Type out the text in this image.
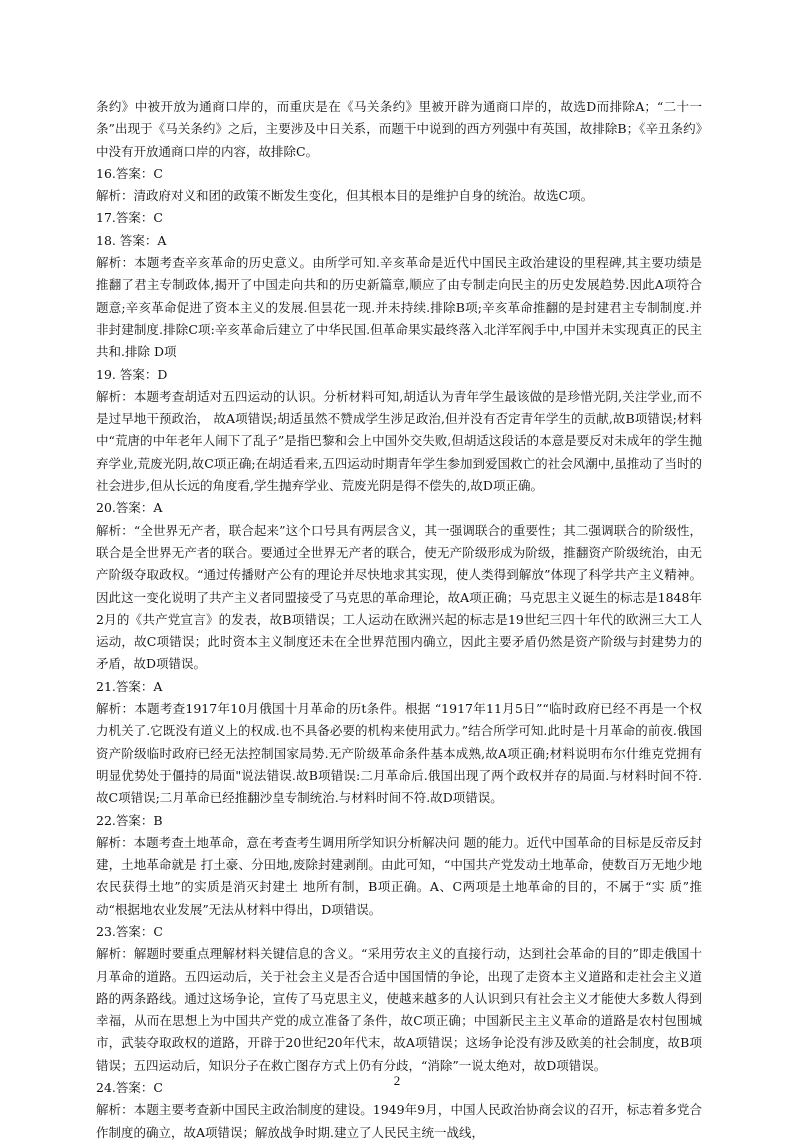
条约》中被开放为通商口岸的，而重庆是在《马关条约》里被开辟为通商口岸的，故选D而排除A；“二十一条”出现于《马关条约》之后，主要涉及中日关系，而题干中说到的西方列强中有英国，故排除B；《辛丑条约》中没有开放通商口岸的内容，故排除C。

16.答案：C

解析：清政府对义和团的政策不断发生变化，但其根本目的是维护自身的统治。故选C项。

17.答案：C

18. 答案：A

解析：本题考查辛亥革命的历史意义。由所学可知.辛亥革命是近代中国民主政治建设的里程碑,其主要功绩是推翻了君主专制政体,揭开了中国走向共和的历史新篇章,顺应了由专制走向民主的历史发展趋势.因此A项符合题意;辛亥革命促进了资本主义的发展.但昙花一现.并未持续.排除B项;辛亥革命推翻的是封建君主专制制度.并非封建制度.排除C项:辛亥革命后建立了中华民国.但革命果实最终落入北洋军阀手中,中国并未实现真正的民主共和.排除 D项

19. 答案：D

解析：本题考查胡适对五四运动的认识。分析材料可知,胡适认为青年学生最该做的是珍惜光阴,关注学业,而不是过早地干预政治， 故A项错误;胡适虽然不赞成学生涉足政治,但并没有否定青年学生的贡献,故B项错误;材料中“荒唐的中年老年人闹下了乱子”是指巴黎和会上中国外交失败,但胡适这段话的本意是要反对未成年的学生抛弃学业,荒废光阴,故C项正确;在胡适看来,五四运动时期青年学生参加到爱国救亡的社会风潮中,虽推动了当时的社会进步,但从长远的角度看,学生抛弃学业、荒废光阴是得不偿失的,故D项正确。

20.答案：A

解析：“全世界无产者，联合起来”这个口号具有两层含义，其一强调联合的重要性；其二强调联合的阶级性，联合是全世界无产者的联合。要通过全世界无产者的联合，使无产阶级形成为阶级，推翻资产阶级统治，由无产阶级夺取政权。“通过传播财产公有的理论并尽快地求其实现，使人类得到解放”体现了科学共产主义精神。因此这一变化说明了共产主义者同盟接受了马克思的革命理论，故A项正确；马克思主义诞生的标志是1848年2月的《共产党宣言》的发表，故B项错误；工人运动在欧洲兴起的标志是19世纪三四十年代的欧洲三大工人运动，故C项错误；此时资本主义制度还未在全世界范围内确立，因此主要矛盾仍然是资产阶级与封建势力的矛盾，故D项错误。

21.答案：A

解析：本题考查1917年10月俄国十月革命的历t条件。根据 “1917年11月5日”“临时政府已经不再是一个权力机关了.它既没有道义上的权成.也不具备必要的机构来使用武力。”结合所学可知.此时是十月革命的前夜.俄国资产阶级临时政府已经无法控制国家局势.无产阶级革命条件基本成熟,故A项正确;材料说明布尔什维克党拥有明显优势处于僵持的局面"说法错误.故B项错误:二月革命后.俄国出现了两个政权并存的局面.与材料时间不符.故C项错误;二月革命已经推翻沙皇专制统治.与材料时间不符.故D项错误。

22.答案：B

解析：本题考查土地革命，意在考查考生调用所学知识分析解决问 题的能力。近代中国革命的目标是反帝反封建，土地革命就是 打土豪、分田地,废除封建剥削。由此可知，“中国共产党发动土地革命，使数百万无地少地农民获得土地”的实质是消灭封建土 地所有制，B项正确。A、C两项是土地革命的目的，不属于“实 质”推动“根据地农业发展”无法从材料中得出，D项错误。

23.答案：C

解析：解题时要重点理解材料关键信息的含义。“采用劳农主义的直接行动，达到社会革命的目的”即走俄国十月革命的道路。五四运动后，关于社会主义是否合适中国国情的争论，出现了走资本主义道路和走社会主义道路的两条路线。通过这场争论，宣传了马克思主义，使越来越多的人认识到只有社会主义才能使大多数人得到幸福，从而在思想上为中国共产党的成立准备了条件，故C项正确；中国新民主主义革命的道路是农村包围城市，武装夺取政权的道路，开辟于20世纪20年代末，故A项错误；这场争论没有涉及欧美的社会制度，故B项错误；五四运动后，知识分子在救亡图存方式上仍有分歧，“消除”一说太绝对，故D项错误。

24.答案：C

解析：本题主要考查新中国民主政治制度的建设。1949年9月，中国人民政治协商会议的召开，标志着多党合作制度的确立，故A项错误；解放战争时期.建立了人民民主统一战线，

2
